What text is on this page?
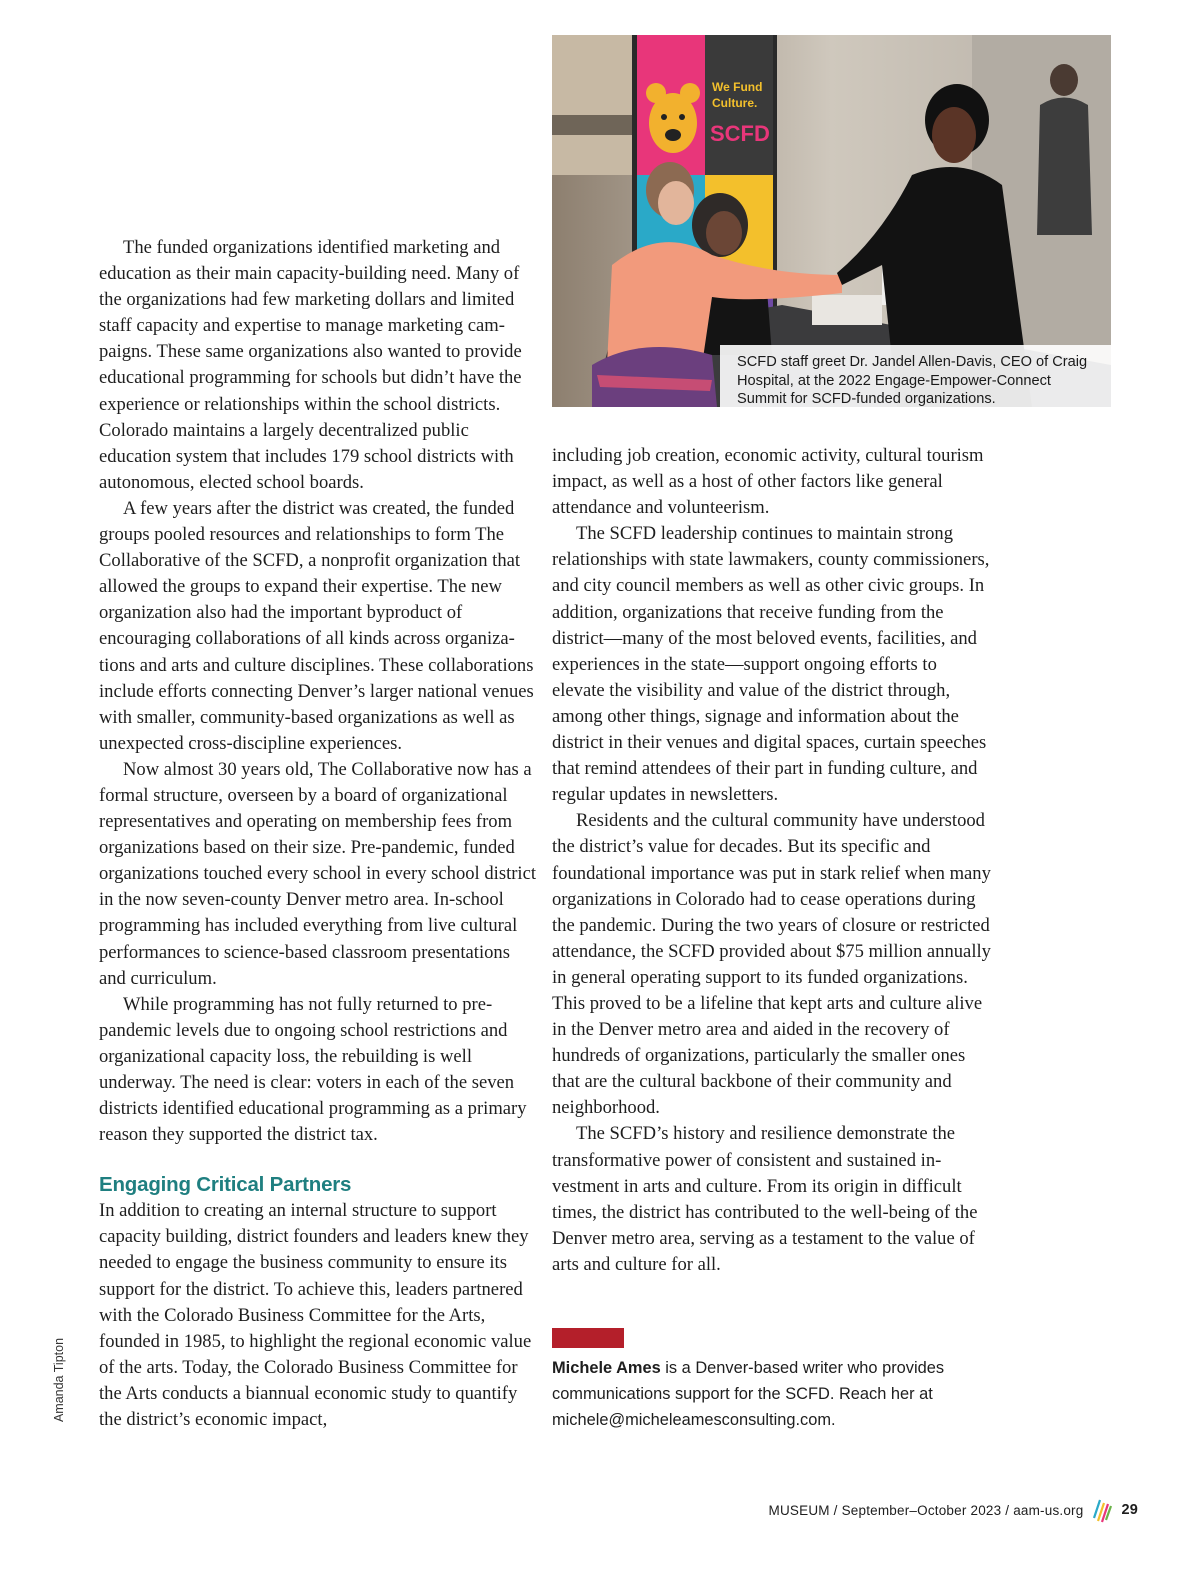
We Fund
Culture.
SCFD
SCFD staff greet Dr. Jandel Allen-Davis, CEO of Craig Hospital, at the 2022 Engage-Empower-Connect Summit for SCFD-funded organizations.
Amanda Tipton

The funded organizations identified marketing and education as their main capacity-building need. Many of the organizations had few marketing dollars and limited staff capacity and expertise to manage marketing campaigns. These same organizations also wanted to provide educational programming for schools but didn’t have the experience or relationships within the school districts. Colorado maintains a largely decentralized public education system that includes 179 school districts with autonomous, elected school boards.

A few years after the district was created, the funded groups pooled resources and relationships to form The Collaborative of the SCFD, a nonprofit organization that allowed the groups to expand their expertise. The new organization also had the important byproduct of encouraging collaborations of all kinds across organizations and arts and culture disciplines. These collaborations include efforts connecting Denver’s larger national venues with smaller, community-based organizations as well as unexpected cross-discipline experiences.

Now almost 30 years old, The Collaborative now has a formal structure, overseen by a board of organizational representatives and operating on membership fees from organizations based on their size. Pre-pandemic, funded organizations touched every school in every school district in the now seven-county Denver metro area. In-school programming has included everything from live cultural performances to science-based classroom presentations and curriculum.

While programming has not fully returned to pre-pandemic levels due to ongoing school restrictions and organizational capacity loss, the rebuilding is well underway. The need is clear: voters in each of the seven districts identified educational programming as a primary reason they supported the district tax.

Engaging Critical Partners

In addition to creating an internal structure to support capacity building, district founders and leaders knew they needed to engage the business community to ensure its support for the district. To achieve this, leaders partnered with the Colorado Business Committee for the Arts, founded in 1985, to highlight the regional economic value of the arts. Today, the Colorado Business Committee for the Arts conducts a biannual economic study to quantify the district’s economic impact,

including job creation, economic activity, cultural tourism impact, as well as a host of other factors like general attendance and volunteerism.

The SCFD leadership continues to maintain strong relationships with state lawmakers, county commissioners, and city council members as well as other civic groups. In addition, organizations that receive funding from the district—many of the most beloved events, facilities, and experiences in the state—support ongoing efforts to elevate the visibility and value of the district through, among other things, signage and information about the district in their venues and digital spaces, curtain speeches that remind attendees of their part in funding culture, and regular updates in newsletters.

Residents and the cultural community have understood the district’s value for decades. But its specific and foundational importance was put in stark relief when many organizations in Colorado had to cease operations during the pandemic. During the two years of closure or restricted attendance, the SCFD provided about $75 million annually in general operating support to its funded organizations. This proved to be a lifeline that kept arts and culture alive in the Denver metro area and aided in the recovery of hundreds of organizations, particularly the smaller ones that are the cultural backbone of their community and neighborhood.

The SCFD’s history and resilience demonstrate the transformative power of consistent and sustained investment in arts and culture. From its origin in difficult times, the district has contributed to the well-being of the Denver metro area, serving as a testament to the value of arts and culture for all.

Michele Ames is a Denver-based writer who provides communications support for the SCFD. Reach her at michele@micheleamesconsulting.com.
MUSEUM / September–October 2023 / aam-us.org	29
